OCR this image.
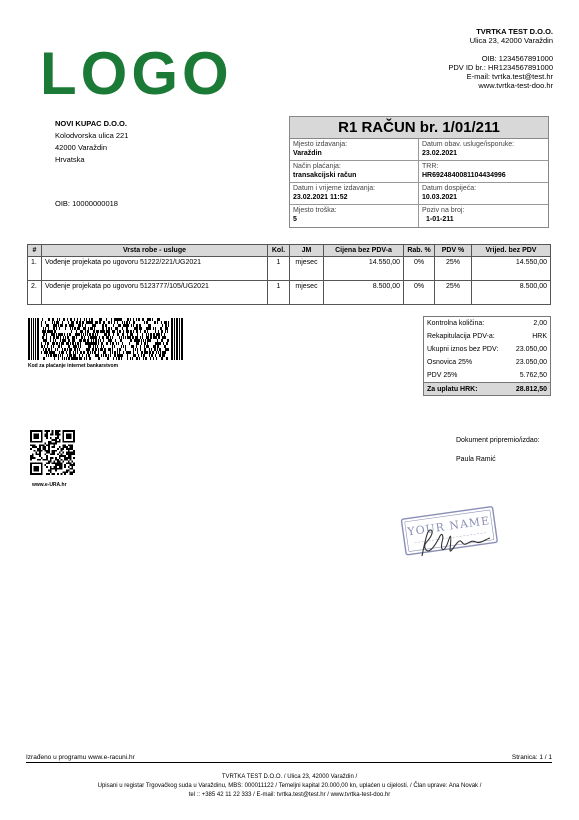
LOGO
TVRTKA TEST D.O.O.
Ulica 23, 42000 Varaždin
OIB: 1234567891000
PDV ID br.: HR1234567891000
E-mail: tvrtka.test@test.hr
www.tvrtka-test-doo.hr
NOVI KUPAC D.O.O.
Kolodvorska ulica 221
42000 Varaždin
Hrvatska
OIB: 10000000018
R1 RAČUN br. 1/01/211
Mjesto izdavanja:
Varaždin
Datum obav. usluge/isporuke:
23.02.2021
Način plaćanja:
transakcijski račun
TRR:
HR6924840081104434996
Datum i vrijeme izdavanja:
23.02.2021 11:52
Datum dospijeća:
10.03.2021
Mjesto troška:
5
Poziv na broj:
1-01-211
#	Vrsta robe - usluge	Kol.	JM	Cijena bez PDV-a	Rab. %	PDV %	Vrijed. bez PDV
1.	Vođenje projekata po ugovoru 51222/221/UG2021	1	mjesec	14.550,00	0%	25%	14.550,00
2.	Vođenje projekata po ugovoru 5123777/105/UG2021	1	mjesec	8.500,00	0%	25%	8.500,00
Kod za plaćanje internet bankarstvom
Kontrolna količina:	2,00
Rekapitulacija PDV-a:	HRK
Ukupni iznos bez PDV:	23.050,00
Osnovica 25%	23.050,00
PDV 25%	5.762,50
Za uplatu HRK:	28.812,50
www.e-URA.hr
Dokument pripremio/izdao:
Paula Ramić
YOUR NAME
Izrađeno u programu www.e-racuni.hr	Stranica: 1 / 1
TVRTKA TEST D.O.O. / Ulica 23, 42000 Varaždin /
Upisani u registar Trgovačkog suda u Varaždinu, MBS: 000011122 / Temeljni kapital 20.000,00 kn, uplaćen u cijelosti. / Član uprave: Ana Novak /
tel :: +385 42 11 22 333 / E-mail: tvrtka.test@test.hr / www.tvrtka-test-doo.hr
